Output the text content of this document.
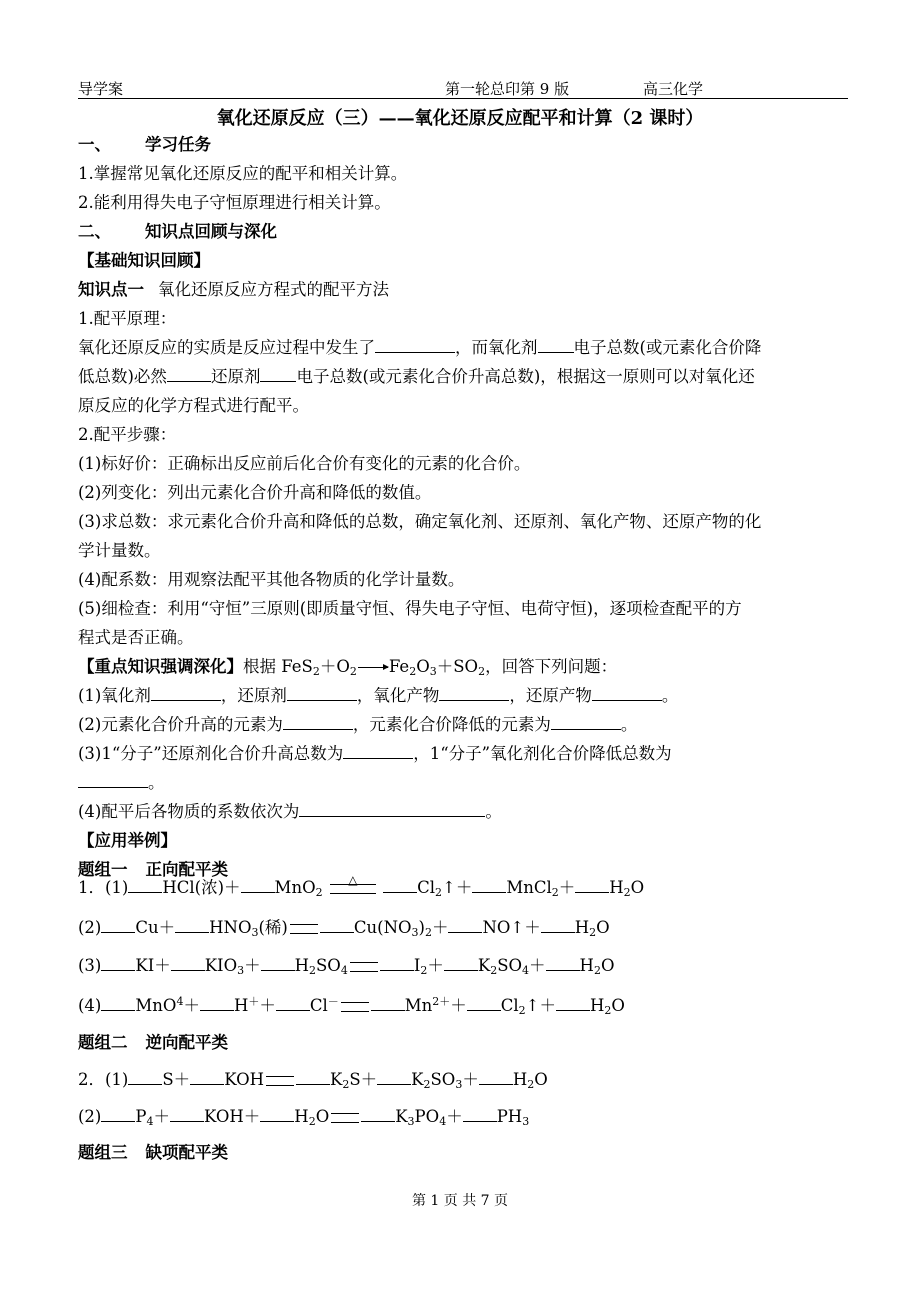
导学案	第一轮总印第 9 版	高三化学
氧化还原反应（三）——氧化还原反应配平和计算（2 课时）
一、 学习任务
1.掌握常见氧化还原反应的配平和相关计算。
2.能利用得失电子守恒原理进行相关计算。
二、 知识点回顾与深化
【基础知识回顾】
知识点一 氧化还原反应方程式的配平方法
1.配平原理：
氧化还原反应的实质是反应过程中发生了	，而氧化剂 电子总数(或元素化合价降
低总数)必然	还原剂 电子总数(或元素化合价升高总数)，根据这一原则可以对氧化还
原反应的化学方程式进行配平。
2.配平步骤：
(1)标好价：正确标出反应前后化合价有变化的元素的化合价。
(2)列变化：列出元素化合价升高和降低的数值。
(3)求总数：求元素化合价升高和降低的总数，确定氧化剂、还原剂、氧化产物、还原产物的化
学计量数。
(4)配系数：用观察法配平其他各物质的化学计量数。
(5)细检查：利用“守恒”三原则(即质量守恒、得失电子守恒、电荷守恒)，逐项检查配平的方
程式是否正确。
【重点知识强调深化】根据 $FeS_2+O_2$ $Fe_2O_3+SO_2$，回答下列问题：
(1)氧化剂	，还原剂	，氧化产物	，还原产物	。
(2)元素化合价升高的元素为	，元素化合价降低的元素为	。
(3)1“分子”还原剂化合价升高总数为	，1“分子”氧化剂化合价降低总数为
。
(4)配平后各物质的系数依次为	。
【应用举例】
题组一 正向配平类
1．(1) HCl(浓)＋ MnO$_2$
△	$Cl_2↑+$ MnCl$_2$＋ $H_2O$
(2) $Cu+ HNO_3$(稀)	$Cu(NO_3)_2+$ NO↑＋ $H_2O$
(3) $KI+ KIO_3+ H_2SO_4$	$I_2+ K_2SO_4+ H_2O$
(4) MnO$^4$＋ H＋＋ Cl－	$Mn^{2+}+$ $Cl_2↑+ H_2O$
题组二 逆向配平类
2．(1) S＋ KOH	$K_2S+ K_2SO_3+ H_2O$
(2) $P_4+ KOH+ H_2O$	$K_3PO_4+ PH_3$
题组三 缺项配平类
第 1 页 共 7 页
